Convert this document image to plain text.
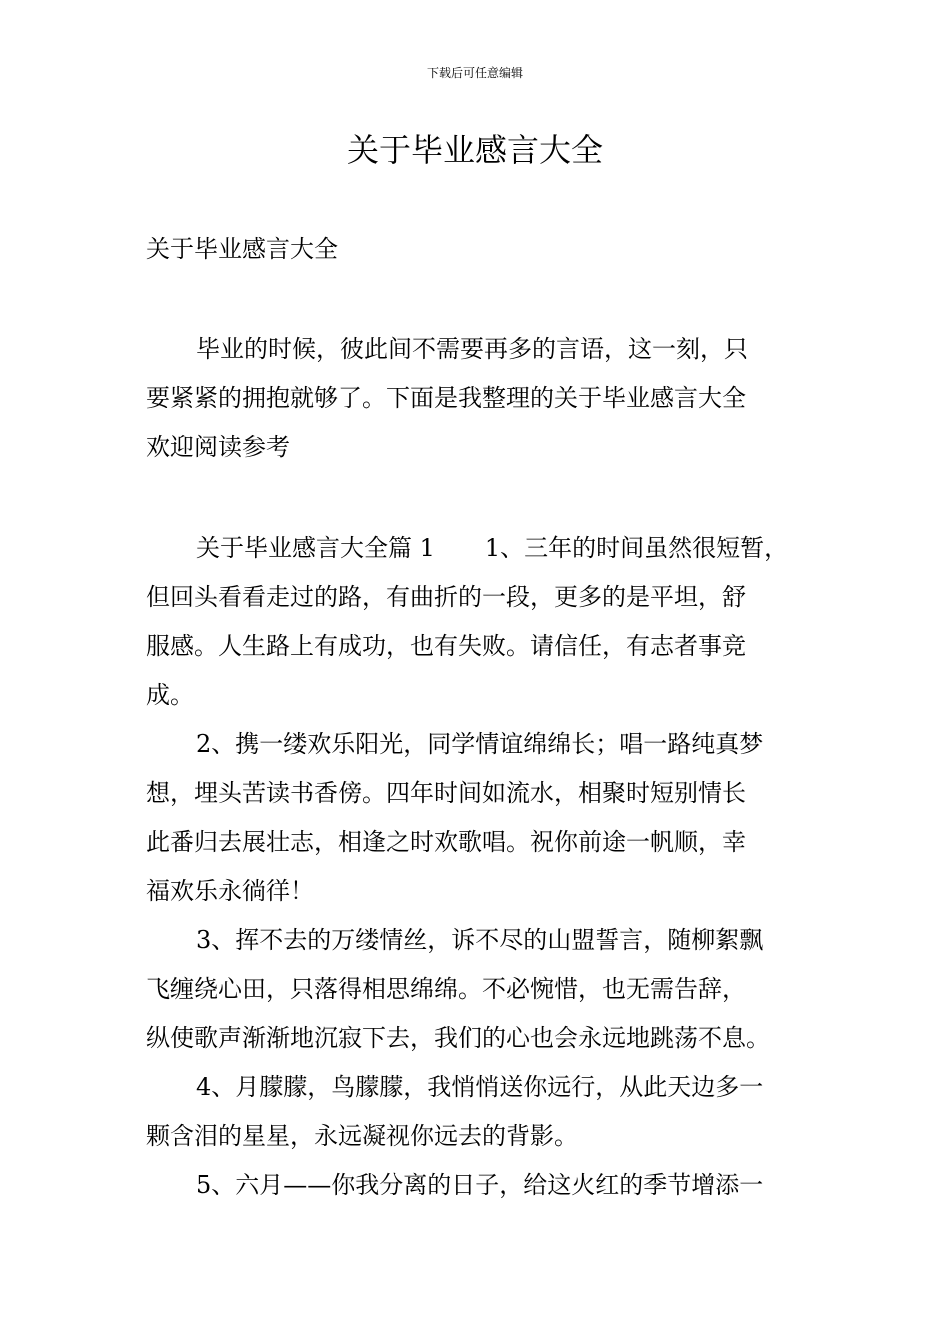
下载后可任意编辑
关于毕业感言大全

关于毕业感言大全

毕业的时候，彼此间不需要再多的言语，这一刻，只
要紧紧的拥抱就够了。下面是我整理的关于毕业感言大全
欢迎阅读参考
关于毕业感言大全篇 1 1、三年的时间虽然很短暂，
但回头看看走过的路，有曲折的一段，更多的是平坦，舒
服感。人生路上有成功，也有失败。请信任，有志者事竞
成。
2、携一缕欢乐阳光，同学情谊绵绵长；唱一路纯真梦
想，埋头苦读书香傍。四年时间如流水，相聚时短别情长
此番归去展壮志，相逢之时欢歌唱。祝你前途一帆顺，幸
福欢乐永徜徉！
3、挥不去的万缕情丝，诉不尽的山盟誓言，随柳絮飘
飞缠绕心田，只落得相思绵绵。不必惋惜，也无需告辞，
纵使歌声渐渐地沉寂下去，我们的心也会永远地跳荡不息。
4、月朦朦，鸟朦朦，我悄悄送你远行，从此天边多一
颗含泪的星星，永远凝视你远去的背影。
5、六月——你我分离的日子，给这火红的季节增添一
